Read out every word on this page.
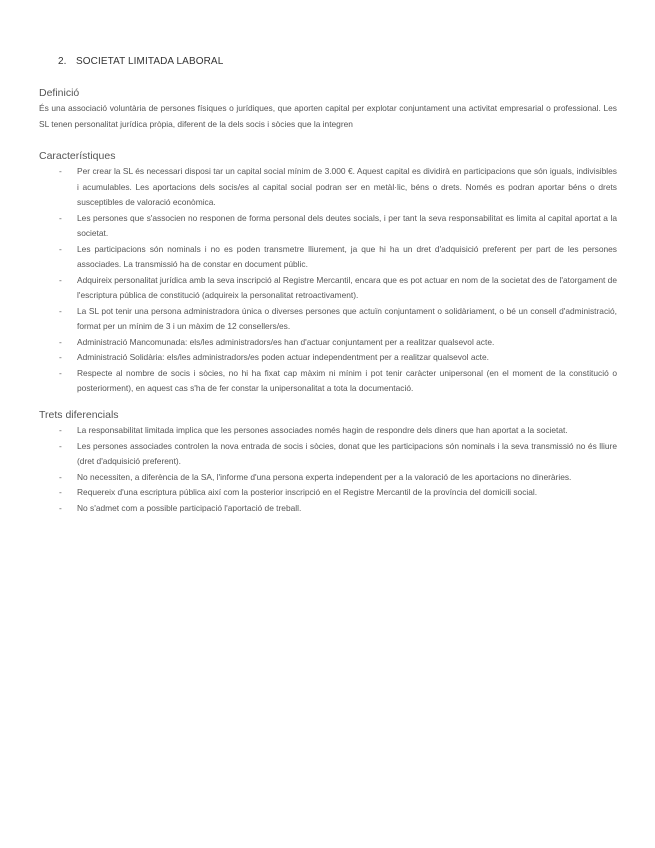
2. SOCIETAT LIMITADA LABORAL
Definició
És una associació voluntària de persones físiques o jurídiques, que aporten capital per explotar conjuntament una activitat empresarial o professional. Les SL tenen personalitat jurídica pròpia, diferent de la dels socis i sòcies que la integren
Característiques
- Per crear la SL és necessari disposi tar un capital social mínim de 3.000 €. Aquest capital es dividirà en participacions que són iguals, indivisibles i acumulables. Les aportacions dels socis/es al capital social podran ser en metàl·lic, béns o drets. Només es podran aportar béns o drets susceptibles de valoració econòmica.
- Les persones que s'associen no responen de forma personal dels deutes socials, i per tant la seva responsabilitat es limita al capital aportat a la societat.
- Les participacions són nominals i no es poden transmetre lliurement, ja que hi ha un dret d'adquisició preferent per part de les persones associades. La transmissió ha de constar en document públic.
- Adquireix personalitat jurídica amb la seva inscripció al Registre Mercantil, encara que es pot actuar en nom de la societat des de l'atorgament de l'escriptura pública de constitució (adquireix la personalitat retroactivament).
- La SL pot tenir una persona administradora única o diverses persones que actuïn conjuntament o solidàriament, o bé un consell d'administració, format per un mínim de 3 i un màxim de 12 consellers/es.
- Administració Mancomunada: els/les administradors/es han d'actuar conjuntament per a realitzar qualsevol acte.
- Administració Solidària: els/les administradors/es poden actuar independentment per a realitzar qualsevol acte.
- Respecte al nombre de socis i sòcies, no hi ha fixat cap màxim ni mínim i pot tenir caràcter unipersonal (en el moment de la constitució o posteriorment), en aquest cas s'ha de fer constar la unipersonalitat a tota la documentació.
Trets diferencials
- La responsabilitat limitada implica que les persones associades només hagin de respondre dels diners que han aportat a la societat.
- Les persones associades controlen la nova entrada de socis i sòcies, donat que les participacions són nominals i la seva transmissió no és lliure (dret d'adquisició preferent).
- No necessiten, a diferència de la SA, l'informe d'una persona experta independent per a la valoració de les aportacions no dineràries.
- Requereix d'una escriptura pública així com la posterior inscripció en el Registre Mercantil de la província del domicili social.
- No s'admet com a possible participació l'aportació de treball.
